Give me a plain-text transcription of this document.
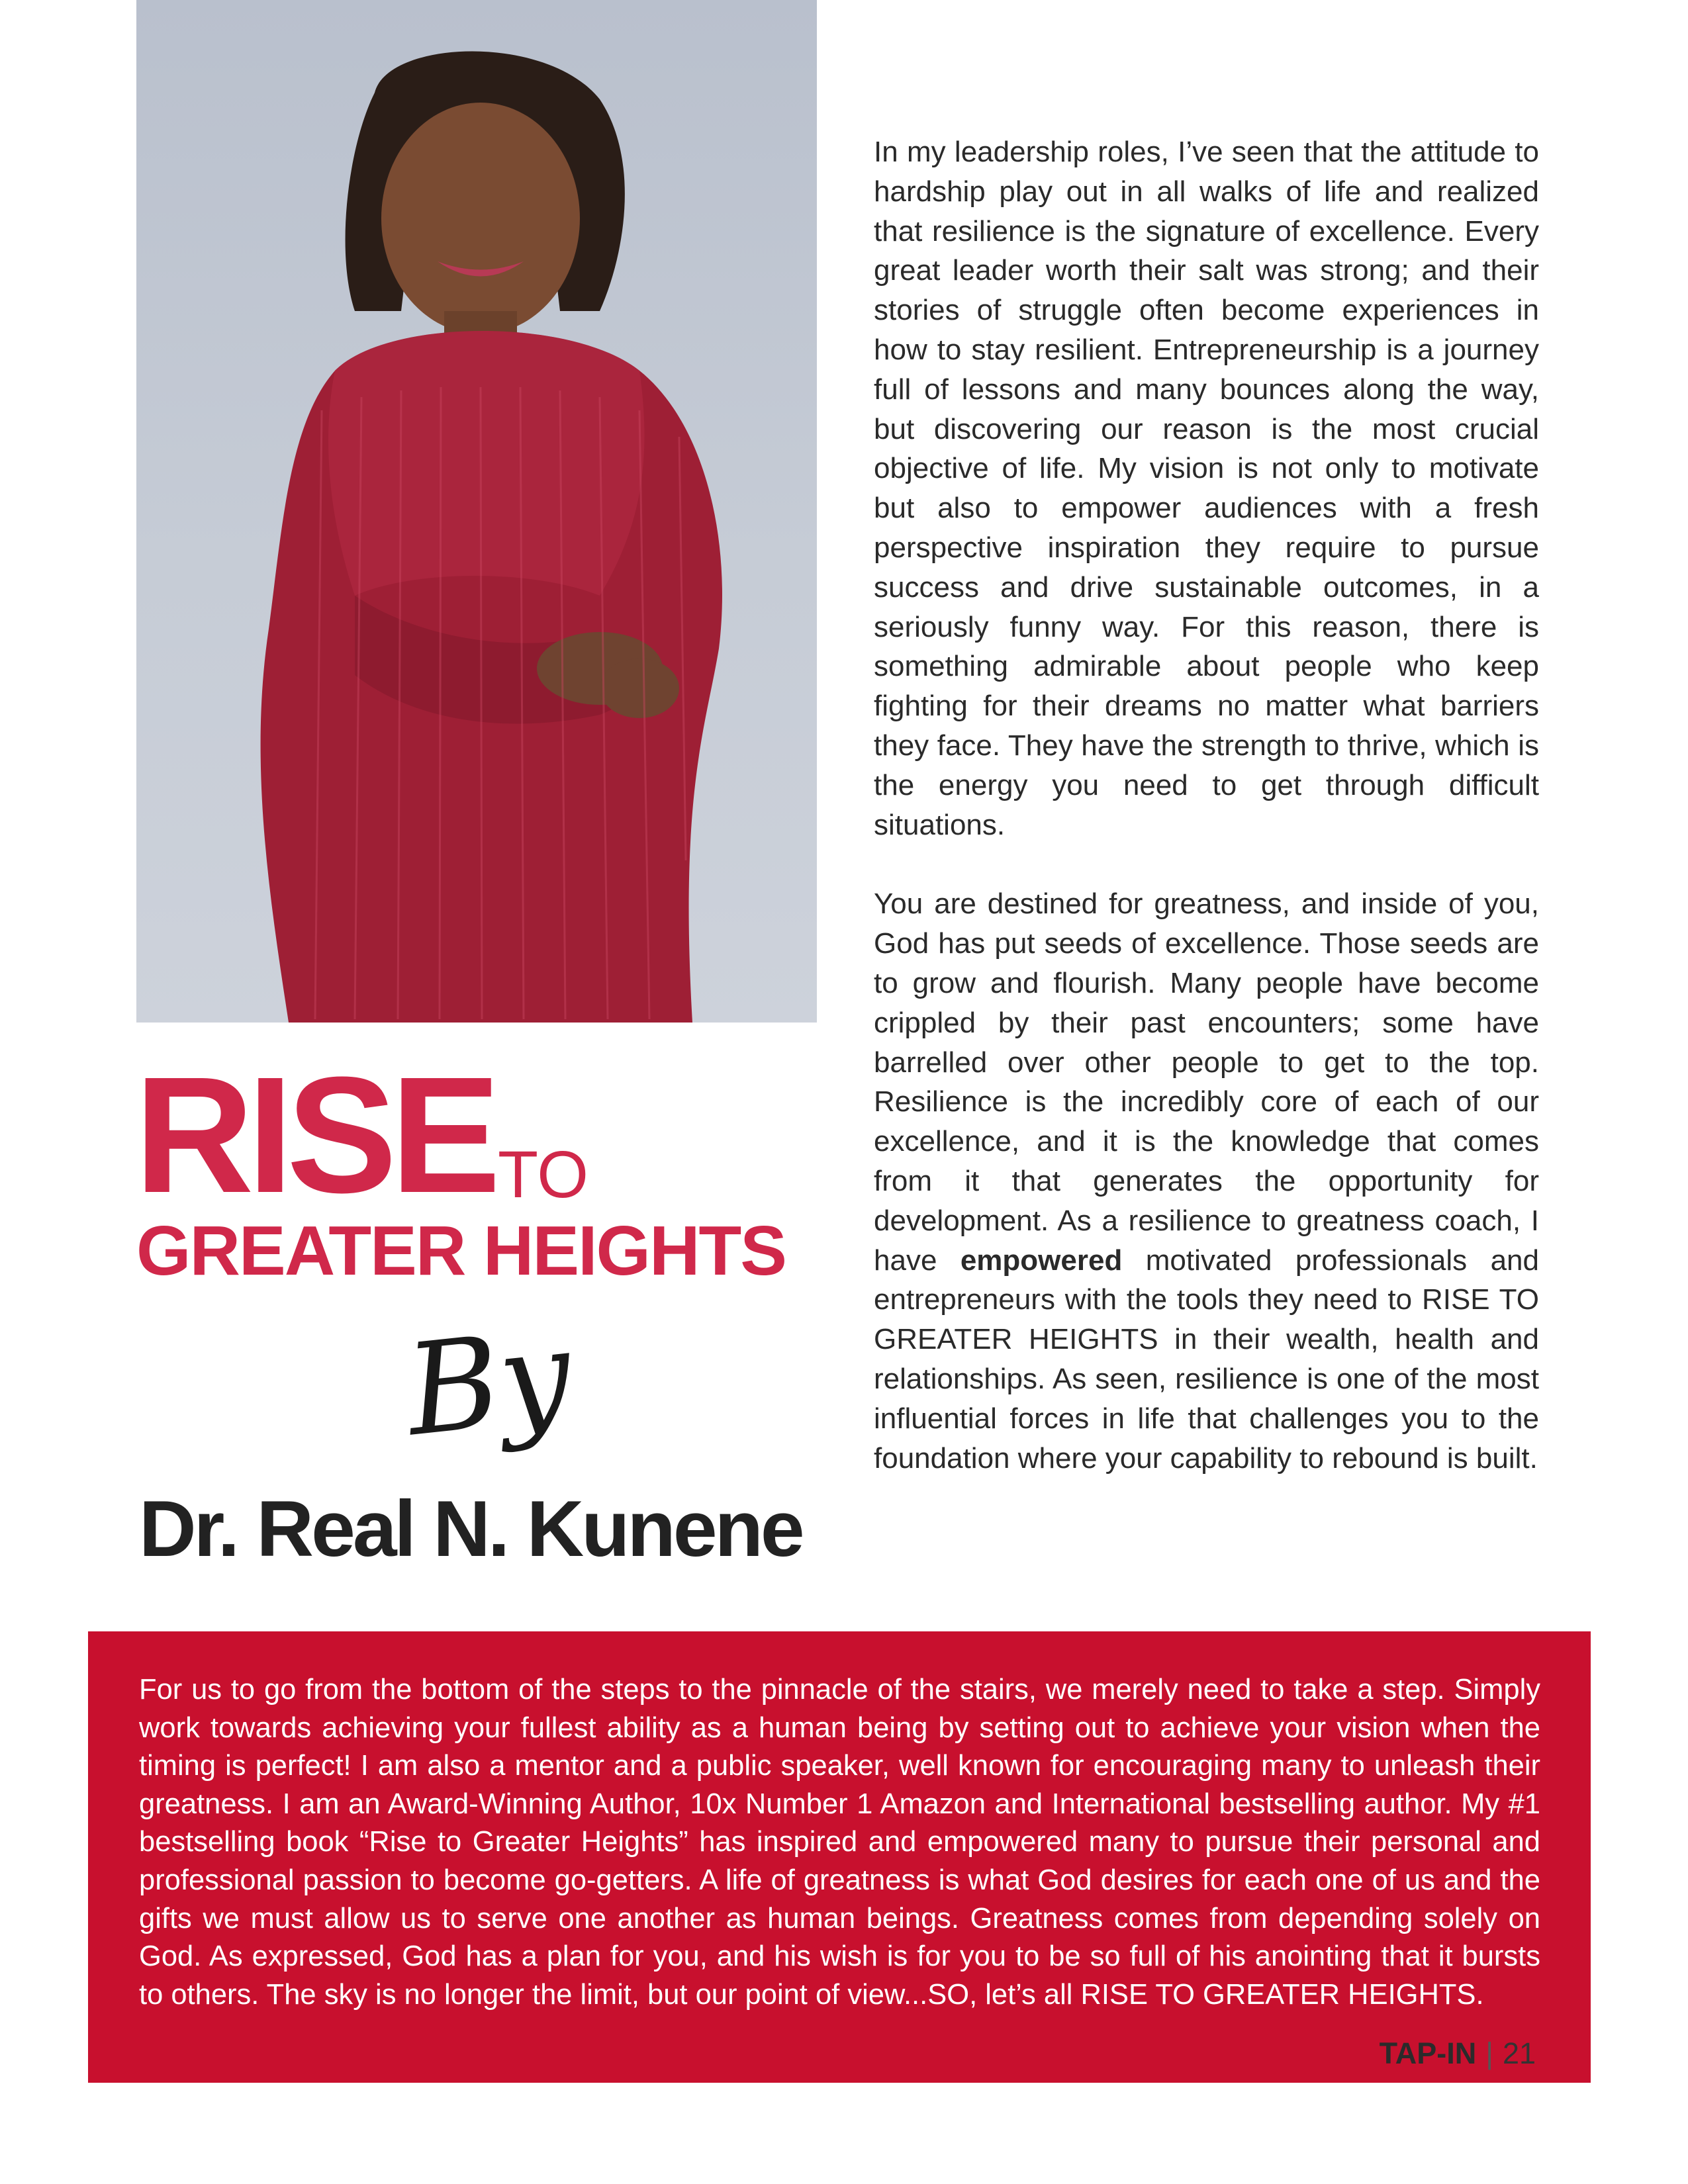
In my leadership roles, I’ve seen that the attitude to hardship play out in all walks of life and realized that resilience is the signature of excellence. Every great leader worth their salt was strong; and their stories of struggle often become experiences in how to stay resilient. Entrepreneurship is a journey full of lessons and many bounces along the way, but discovering our reason is the most crucial objective of life. My vision is not only to motivate but also to empower audiences with a fresh perspective inspiration they require to pursue success and drive sustainable outcomes, in a seriously funny way. For this reason, there is something admirable about people who keep fighting for their dreams no matter what barriers they face. They have the strength to thrive, which is the energy you need to get through difficult situations.

You are destined for greatness, and inside of you, God has put seeds of excellence. Those seeds are to grow and flourish. Many people have become crippled by their past encounters; some have barrelled over other people to get to the top. Resilience is the incredibly core of each of our excellence, and it is the knowledge that comes from it that generates the opportunity for development. As a resilience to greatness coach, I have empowered motivated professionals and entrepreneurs with the tools they need to RISE TO GREATER HEIGHTS in their wealth, health and relationships. As seen, resilience is one of the most influential forces in life that challenges you to the foundation where your capability to rebound is built.

RISE TO
GREATER HEIGHTS
By
Dr. Real N. Kunene

For us to go from the bottom of the steps to the pinnacle of the stairs, we merely need to take a step. Simply work towards achieving your fullest ability as a human being by setting out to achieve your vision when the timing is perfect! I am also a mentor and a public speaker, well known for encouraging many to unleash their greatness. I am an Award-Winning Author, 10x Number 1 Amazon and International bestselling author. My #1 bestselling book “Rise to Greater Heights” has inspired and empowered many to pursue their personal and professional passion to become go-getters. A life of greatness is what God desires for each one of us and the gifts we must allow us to serve one another as human beings. Greatness comes from depending solely on God. As expressed, God has a plan for you, and his wish is for you to be so full of his anointing that it bursts to others. The sky is no longer the limit, but our point of view...SO, let’s all RISE TO GREATER HEIGHTS.

TAP-IN | 21
